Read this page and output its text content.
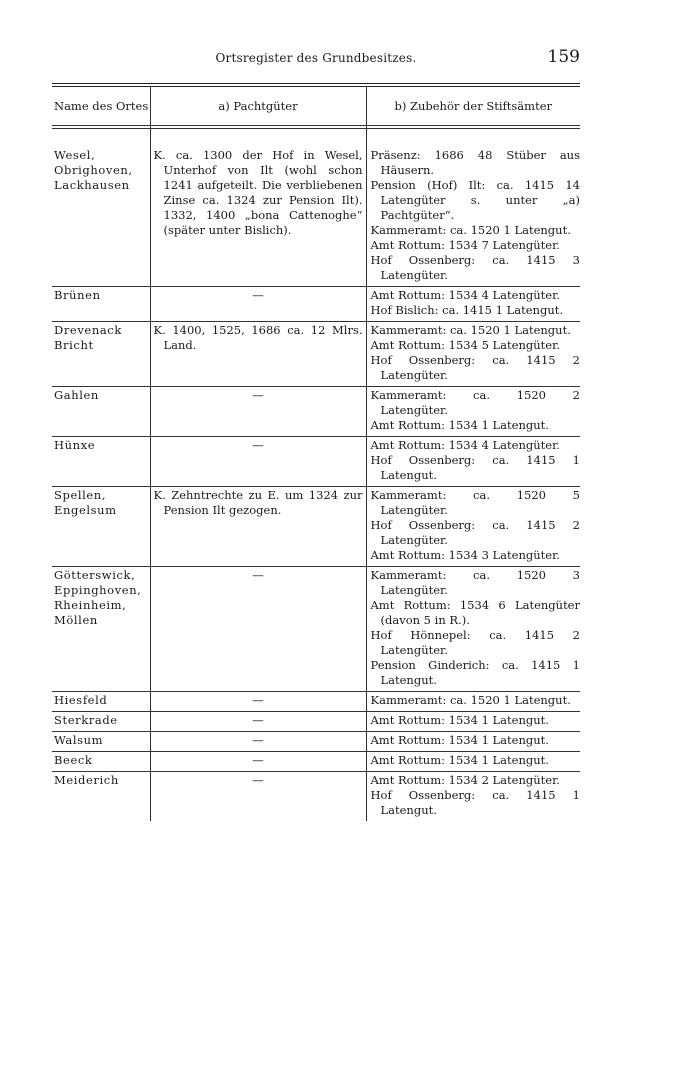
Ortsregister des Grundbesitzes.	159
Name des Ortes	a) Pachtgüter	b) Zubehör der Stiftsämter

Wesel, Obrighoven, Lackhausen	K. ca. 1300 der Hof in Wesel, Unterhof von Ilt (wohl schon 1241 aufgeteilt. Die verbliebenen Zinse ca. 1324 zur Pension Ilt). 1332, 1400 „bona Cattenoghe“ (später unter Bislich).	Präsenz: 1686 48 Stüber aus Häusern.
Pension (Hof) Ilt: ca. 1415 14 Latengüter s. unter „a) Pachtgüter“.
Kammeramt: ca. 1520 1 Latengut.
Amt Rottum: 1534 7 Latengüter.
Hof Ossenberg: ca. 1415 3 Latengüter.

Brünen	—	Amt Rottum: 1534 4 Latengüter.
Hof Bislich: ca. 1415 1 Latengut.

Drevenack Bricht	K. 1400, 1525, 1686 ca. 12 Mlrs. Land.	Kammeramt: ca. 1520 1 Latengut.
Amt Rottum: 1534 5 Latengüter.
Hof Ossenberg: ca. 1415 2 Latengüter.

Gahlen	—	Kammeramt: ca. 1520 2 Latengüter.
Amt Rottum: 1534 1 Latengut.

Hünxe	—	Amt Rottum: 1534 4 Latengüter.
Hof Ossenberg: ca. 1415 1 Latengut.

Spellen, Engelsum	K. Zehntrechte zu E. um 1324 zur Pension Ilt gezogen.	Kammeramt: ca. 1520 5 Latengüter.
Hof Ossenberg: ca. 1415 2 Latengüter.
Amt Rottum: 1534 3 Latengüter.

Götterswick, Eppinghoven, Rheinheim, Möllen	—	Kammeramt: ca. 1520 3 Latengüter.
Amt Rottum: 1534 6 Latengüter (davon 5 in R.).
Hof Hönnepel: ca. 1415 2 Latengüter.
Pension Ginderich: ca. 1415 1 Latengut.

Hiesfeld	—	Kammeramt: ca. 1520 1 Latengut.

Sterkrade	—	Amt Rottum: 1534 1 Latengut.

Walsum	—	Amt Rottum: 1534 1 Latengut.

Beeck	—	Amt Rottum: 1534 1 Latengut.

Meiderich	—	Amt Rottum: 1534 2 Latengüter.
Hof Ossenberg: ca. 1415 1 Latengut.
